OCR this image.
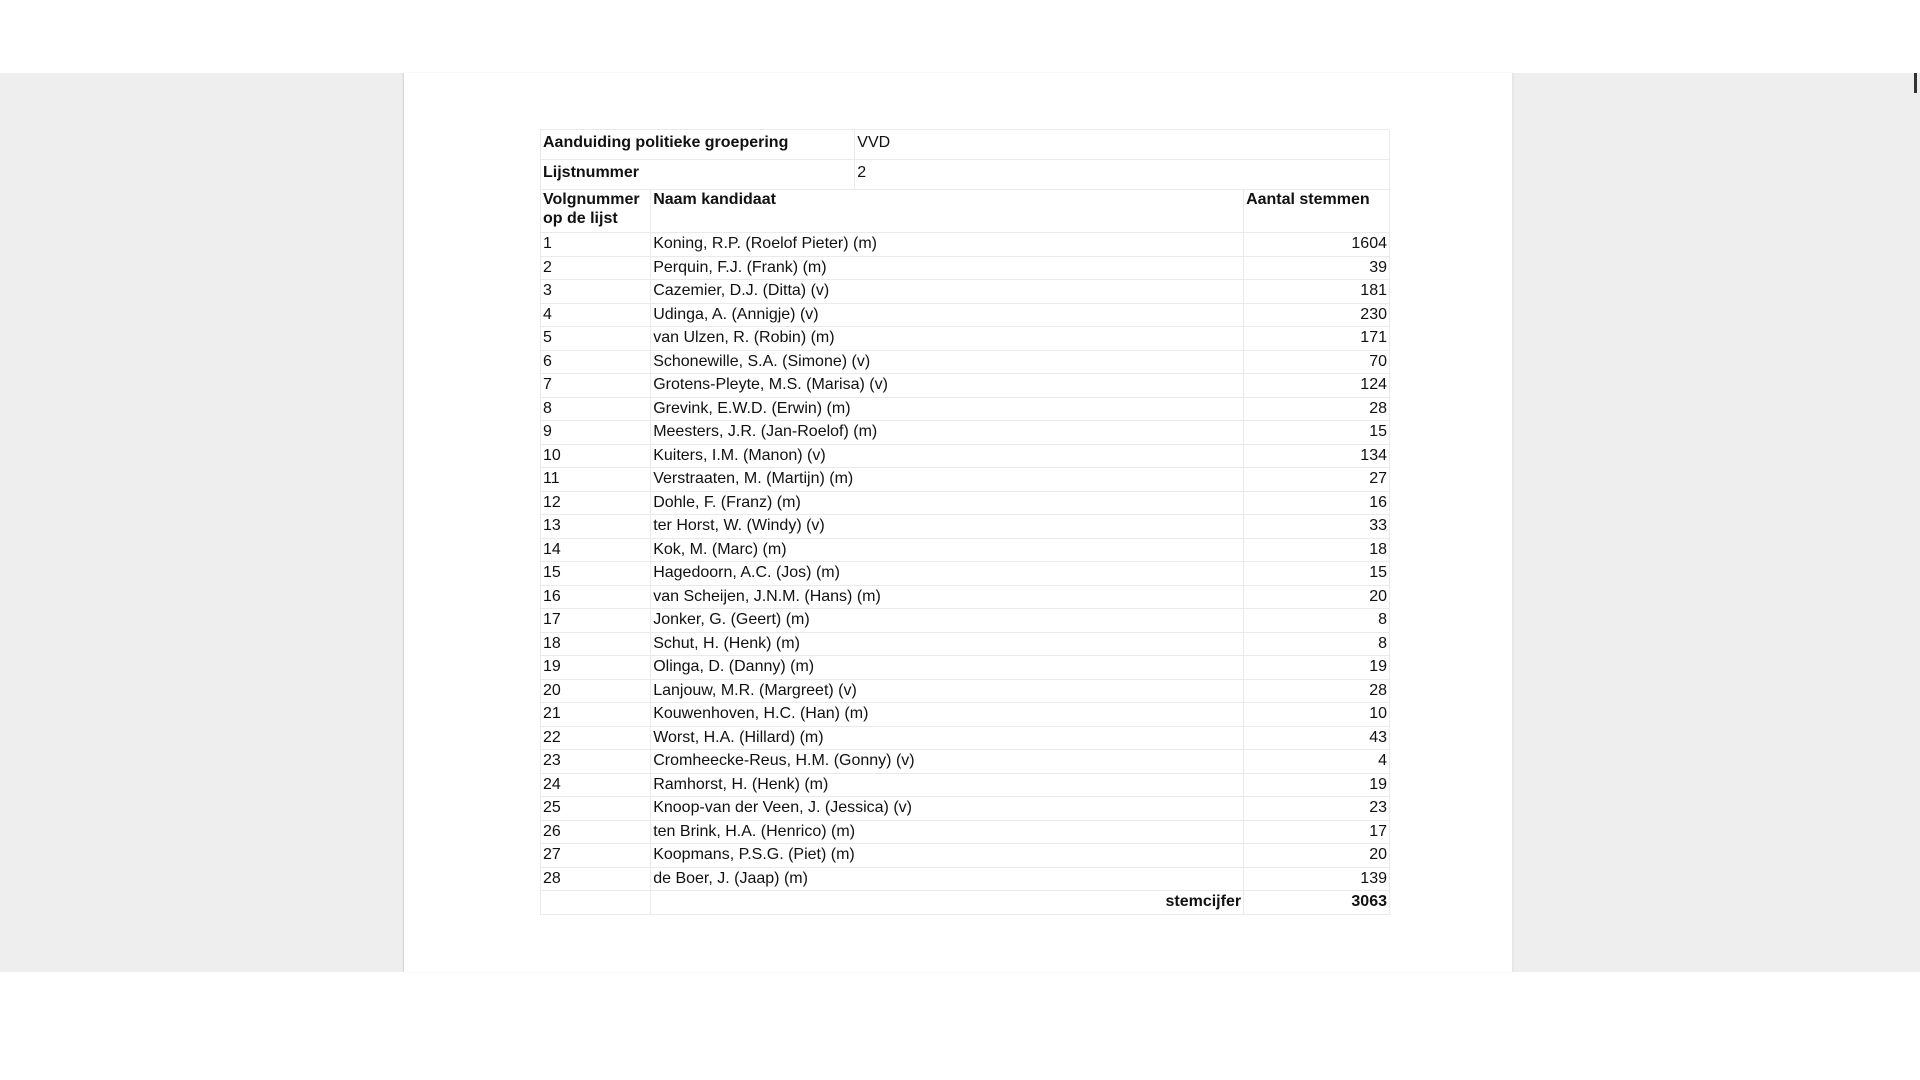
Aanduiding politieke groepering		VVD	
Lijstnummer		2	
Volgnummer
op de lijst	Naam kandidaat		Aantal stemmen
1	Koning, R.P. (Roelof Pieter) (m)		1604
2	Perquin, F.J. (Frank) (m)		39
3	Cazemier, D.J. (Ditta) (v)		181
4	Udinga, A. (Annigje) (v)		230
5	van Ulzen, R. (Robin) (m)		171
6	Schonewille, S.A. (Simone) (v)		70
7	Grotens-Pleyte, M.S. (Marisa) (v)		124
8	Grevink, E.W.D. (Erwin) (m)		28
9	Meesters, J.R. (Jan-Roelof) (m)		15
10	Kuiters, I.M. (Manon) (v)		134
11	Verstraaten, M. (Martijn) (m)		27
12	Dohle, F. (Franz) (m)		16
13	ter Horst, W. (Windy) (v)		33
14	Kok, M. (Marc) (m)		18
15	Hagedoorn, A.C. (Jos) (m)		15
16	van Scheijen, J.N.M. (Hans) (m)		20
17	Jonker, G. (Geert) (m)		8
18	Schut, H. (Henk) (m)		8
19	Olinga, D. (Danny) (m)		19
20	Lanjouw, M.R. (Margreet) (v)		28
21	Kouwenhoven, H.C. (Han) (m)		10
22	Worst, H.A. (Hillard) (m)		43
23	Cromheecke-Reus, H.M. (Gonny) (v)		4
24	Ramhorst, H. (Henk) (m)		19
25	Knoop-van der Veen, J. (Jessica) (v)		23
26	ten Brink, H.A. (Henrico) (m)		17
27	Koopmans, P.S.G. (Piet) (m)		20
28	de Boer, J. (Jaap) (m)		139
	stemcijfer		3063
